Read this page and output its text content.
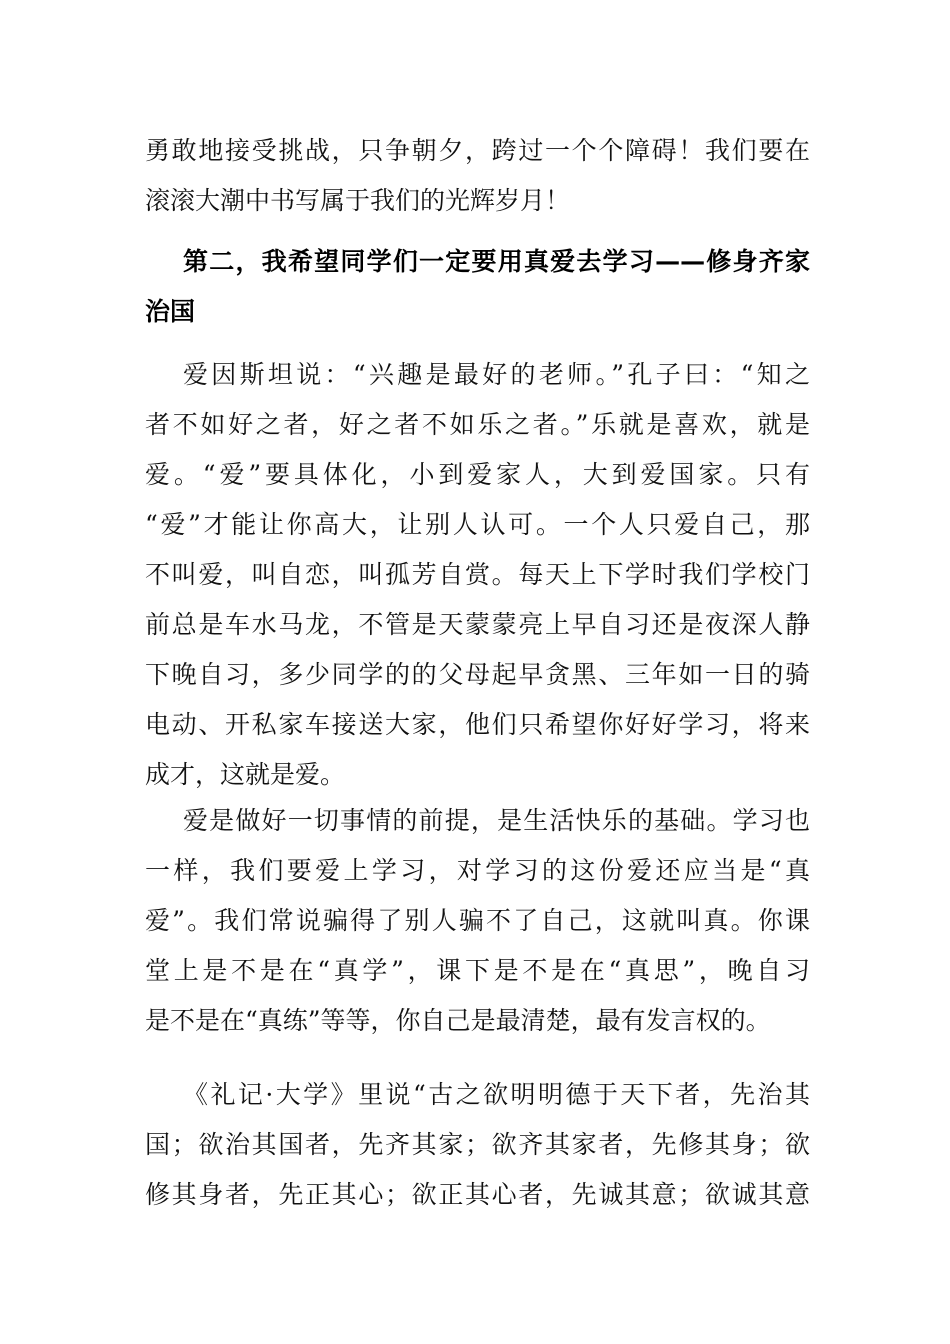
勇敢地接受挑战，只争朝夕，跨过一个个障碍！我们要在
滚滚大潮中书写属于我们的光辉岁月！
第二，我希望同学们一定要用真爱去学习——修身齐家
治国
爱因斯坦说：“兴趣是最好的老师。”孔子曰：“知之
者不如好之者，好之者不如乐之者。”乐就是喜欢，就是
爱。“爱”要具体化，小到爱家人，大到爱国家。只有
“爱”才能让你高大，让别人认可。一个人只爱自己，那
不叫爱，叫自恋，叫孤芳自赏。每天上下学时我们学校门
前总是车水马龙，不管是天蒙蒙亮上早自习还是夜深人静
下晚自习，多少同学的的父母起早贪黑、三年如一日的骑
电动、开私家车接送大家，他们只希望你好好学习，将来
成才，这就是爱。
爱是做好一切事情的前提，是生活快乐的基础。学习也
一样，我们要爱上学习，对学习的这份爱还应当是“真
爱”。我们常说骗得了别人骗不了自己，这就叫真。你课
堂上是不是在“真学”，课下是不是在“真思”，晚自习
是不是在“真练”等等，你自己是最清楚，最有发言权的。
《礼记·大学》里说“古之欲明明德于天下者，先治其
国；欲治其国者，先齐其家；欲齐其家者，先修其身；欲
修其身者，先正其心；欲正其心者，先诚其意；欲诚其意
